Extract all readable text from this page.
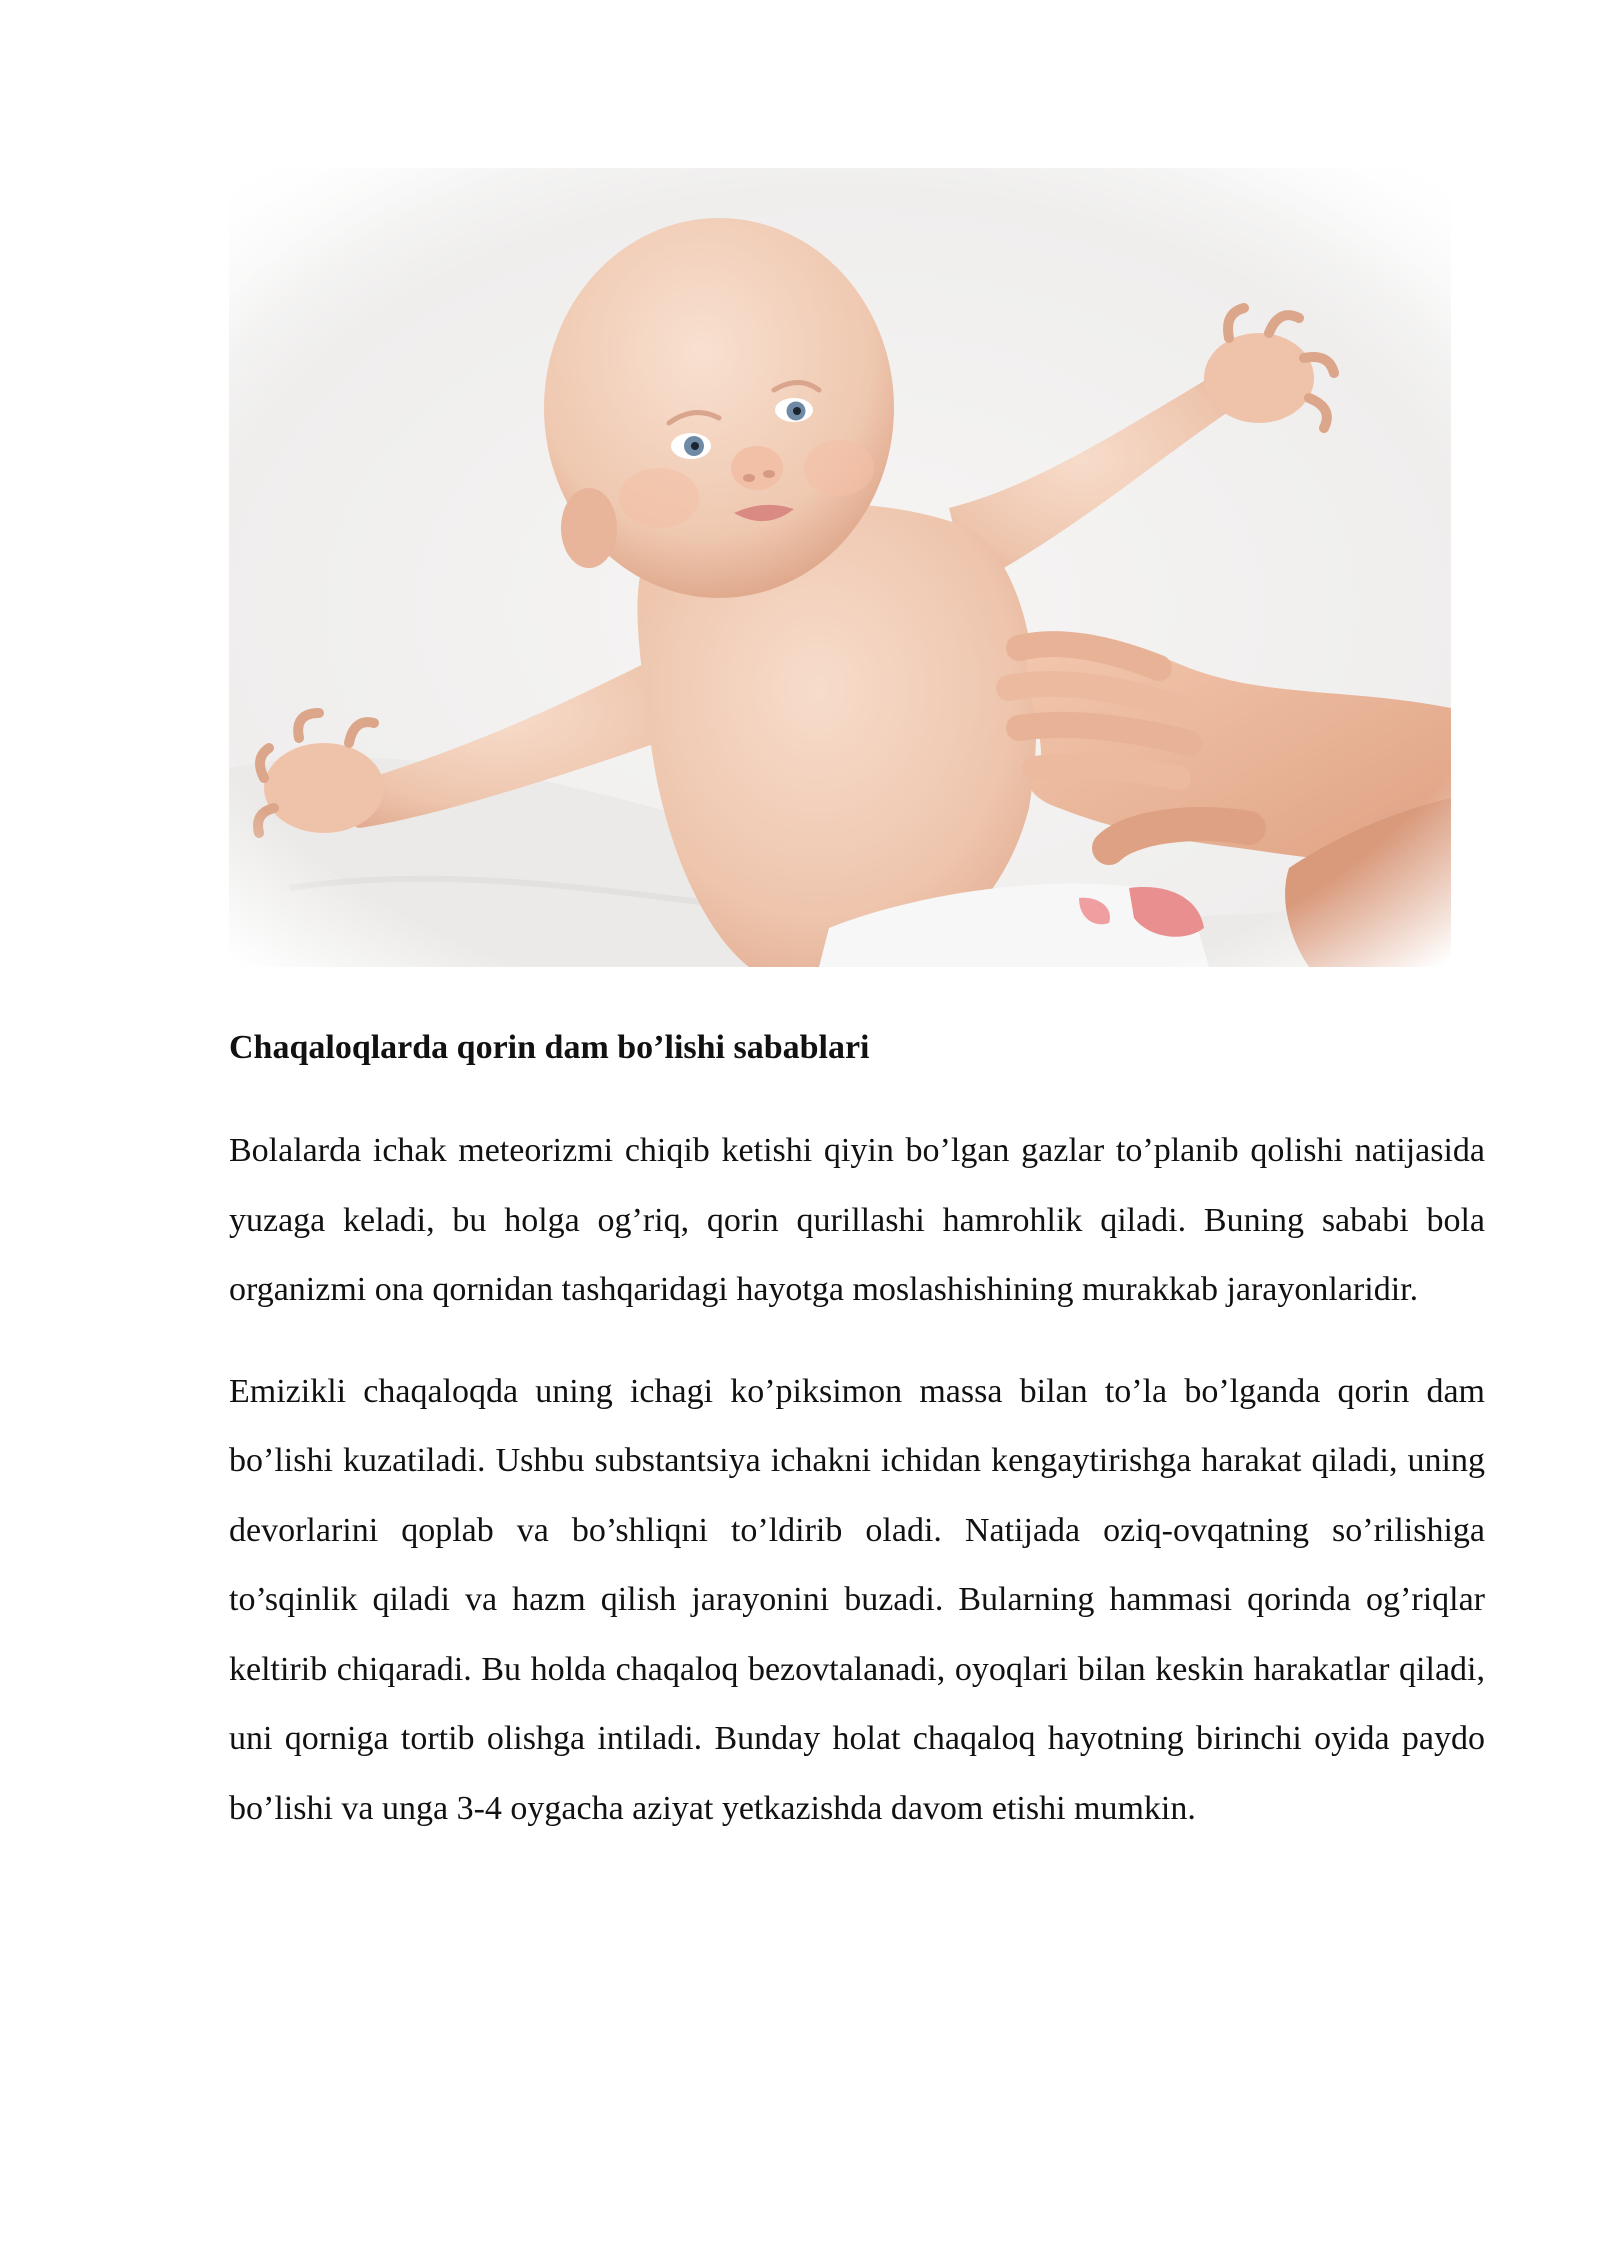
Chaqaloqlarda qorin dam bo’lishi sabablari

Bolalarda ichak meteorizmi chiqib ketishi qiyin bo’lgan gazlar to’planib qolishi natijasida yuzaga keladi, bu holga og’riq, qorin qurillashi hamrohlik qiladi. Buning sababi bola organizmi ona qornidan tashqaridagi hayotga moslashishining murakkab jarayonlaridir.

Emizikli chaqaloqda uning ichagi ko’piksimon massa bilan to’la bo’lganda qorin dam bo’lishi kuzatiladi. Ushbu substantsiya ichakni ichidan kengaytirishga harakat qiladi, uning devorlarini qoplab va bo’shliqni to’ldirib oladi. Natijada oziq-ovqatning so’rilishiga to’sqinlik qiladi va hazm qilish jarayonini buzadi. Bularning hammasi qorinda og’riqlar keltirib chiqaradi. Bu holda chaqaloq bezovtalanadi, oyoqlari bilan keskin harakatlar qiladi, uni qorniga tortib olishga intiladi. Bunday holat chaqaloq hayotning birinchi oyida paydo bo’lishi va unga 3-4 oygacha aziyat yetkazishda davom etishi mumkin.
